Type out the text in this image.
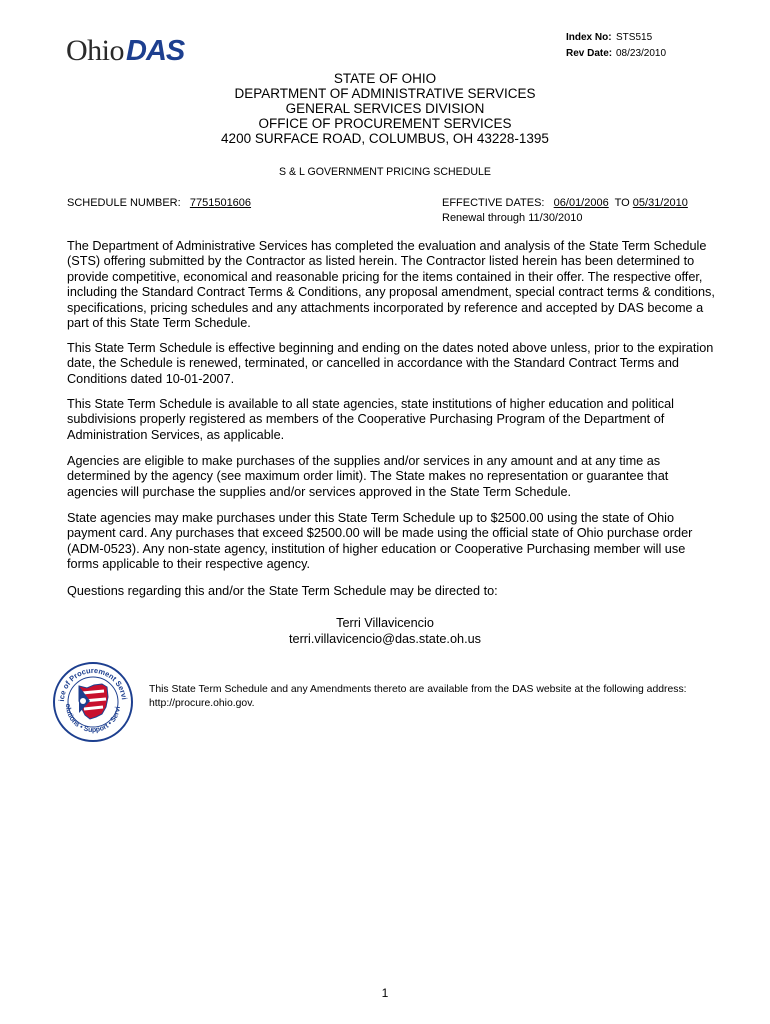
Ohio DAS	Index No: STS515
Rev Date: 08/23/2010
STATE OF OHIO
DEPARTMENT OF ADMINISTRATIVE SERVICES
GENERAL SERVICES DIVISION
OFFICE OF PROCUREMENT SERVICES
4200 SURFACE ROAD, COLUMBUS, OH 43228-1395
S & L GOVERNMENT PRICING SCHEDULE
SCHEDULE NUMBER: 7751501606	EFFECTIVE DATES: 06/01/2006 TO 05/31/2010
Renewal through 11/30/2010
The Department of Administrative Services has completed the evaluation and analysis of the State Term Schedule (STS) offering submitted by the Contractor as listed herein. The Contractor listed herein has been determined to provide competitive, economical and reasonable pricing for the items contained in their offer. The respective offer, including the Standard Contract Terms & Conditions, any proposal amendment, special contract terms & conditions, specifications, pricing schedules and any attachments incorporated by reference and accepted by DAS become a part of this State Term Schedule.
This State Term Schedule is effective beginning and ending on the dates noted above unless, prior to the expiration date, the Schedule is renewed, terminated, or cancelled in accordance with the Standard Contract Terms and Conditions dated 10-01-2007.
This State Term Schedule is available to all state agencies, state institutions of higher education and political subdivisions properly registered as members of the Cooperative Purchasing Program of the Department of Administration Services, as applicable.
Agencies are eligible to make purchases of the supplies and/or services in any amount and at any time as determined by the agency (see maximum order limit). The State makes no representation or guarantee that agencies will purchase the supplies and/or services approved in the State Term Schedule.
State agencies may make purchases under this State Term Schedule up to $2500.00 using the state of Ohio payment card. Any purchases that exceed $2500.00 will be made using the official state of Ohio purchase order (ADM-0523). Any non-state agency, institution of higher education or Cooperative Purchasing member will use forms applicable to their respective agency.
Questions regarding this and/or the State Term Schedule may be directed to:
Terri Villavicencio
terri.villavicencio@das.state.oh.us
ice of Procurement Servi
olutions • Support • Servi
This State Term Schedule and any Amendments thereto are available from the DAS website at the following address: http://procure.ohio.gov.
1
